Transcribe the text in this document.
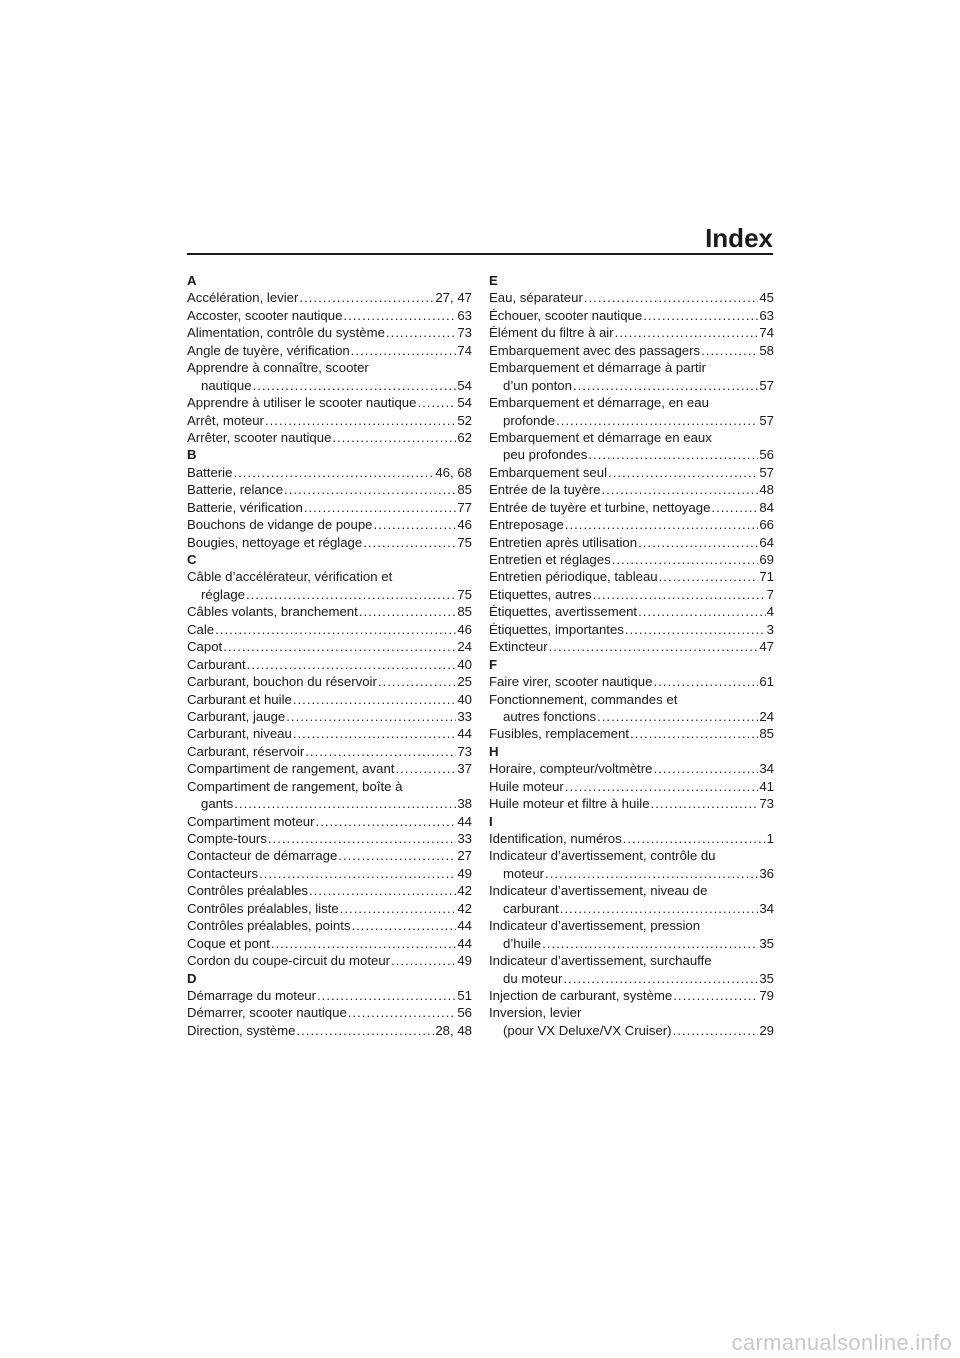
Index
A
Accélération, levier .....	27, 47
Accoster, scooter nautique .....	63
Alimentation, contrôle du système .....	73
Angle de tuyère, vérification .....	74
Apprendre à connaître, scooter
nautique .....	54
Apprendre à utiliser le scooter nautique .....	54
Arrêt, moteur .....	52
Arrêter, scooter nautique .....	62
B
Batterie .....	46, 68
Batterie, relance .....	85
Batterie, vérification .....	77
Bouchons de vidange de poupe .....	46
Bougies, nettoyage et réglage .....	75
C
Câble d’accélérateur, vérification et
réglage .....	75
Câbles volants, branchement .....	85
Cale .....	46
Capot .....	24
Carburant .....	40
Carburant, bouchon du réservoir .....	25
Carburant et huile .....	40
Carburant, jauge .....	33
Carburant, niveau .....	44
Carburant, réservoir .....	73
Compartiment de rangement, avant .....	37
Compartiment de rangement, boîte à
gants .....	38
Compartiment moteur .....	44
Compte-tours .....	33
Contacteur de démarrage .....	27
Contacteurs .....	49
Contrôles préalables .....	42
Contrôles préalables, liste .....	42
Contrôles préalables, points .....	44
Coque et pont .....	44
Cordon du coupe-circuit du moteur .....	49
D
Démarrage du moteur .....	51
Démarrer, scooter nautique .....	56
Direction, système .....	28, 48
E
Eau, séparateur .....	45
Échouer, scooter nautique .....	63
Élément du filtre à air .....	74
Embarquement avec des passagers .....	58
Embarquement et démarrage à partir
d’un ponton .....	57
Embarquement et démarrage, en eau
profonde .....	57
Embarquement et démarrage en eaux
peu profondes .....	56
Embarquement seul .....	57
Entrée de la tuyère .....	48
Entrée de tuyère et turbine, nettoyage .....	84
Entreposage .....	66
Entretien après utilisation .....	64
Entretien et réglages .....	69
Entretien périodique, tableau .....	71
Etiquettes, autres .....	7
Étiquettes, avertissement .....	4
Étiquettes, importantes .....	3
Extincteur .....	47
F
Faire virer, scooter nautique .....	61
Fonctionnement, commandes et
autres fonctions .....	24
Fusibles, remplacement .....	85
H
Horaire, compteur/voltmètre .....	34
Huile moteur .....	41
Huile moteur et filtre à huile .....	73
I
Identification, numéros .....	1
Indicateur d’avertissement, contrôle du
moteur .....	36
Indicateur d’avertissement, niveau de
carburant .....	34
Indicateur d’avertissement, pression
d’huile .....	35
Indicateur d’avertissement, surchauffe
du moteur .....	35
Injection de carburant, système .....	79
Inversion, levier
(pour VX Deluxe/VX Cruiser) .....	29
carmanualsonline.info
